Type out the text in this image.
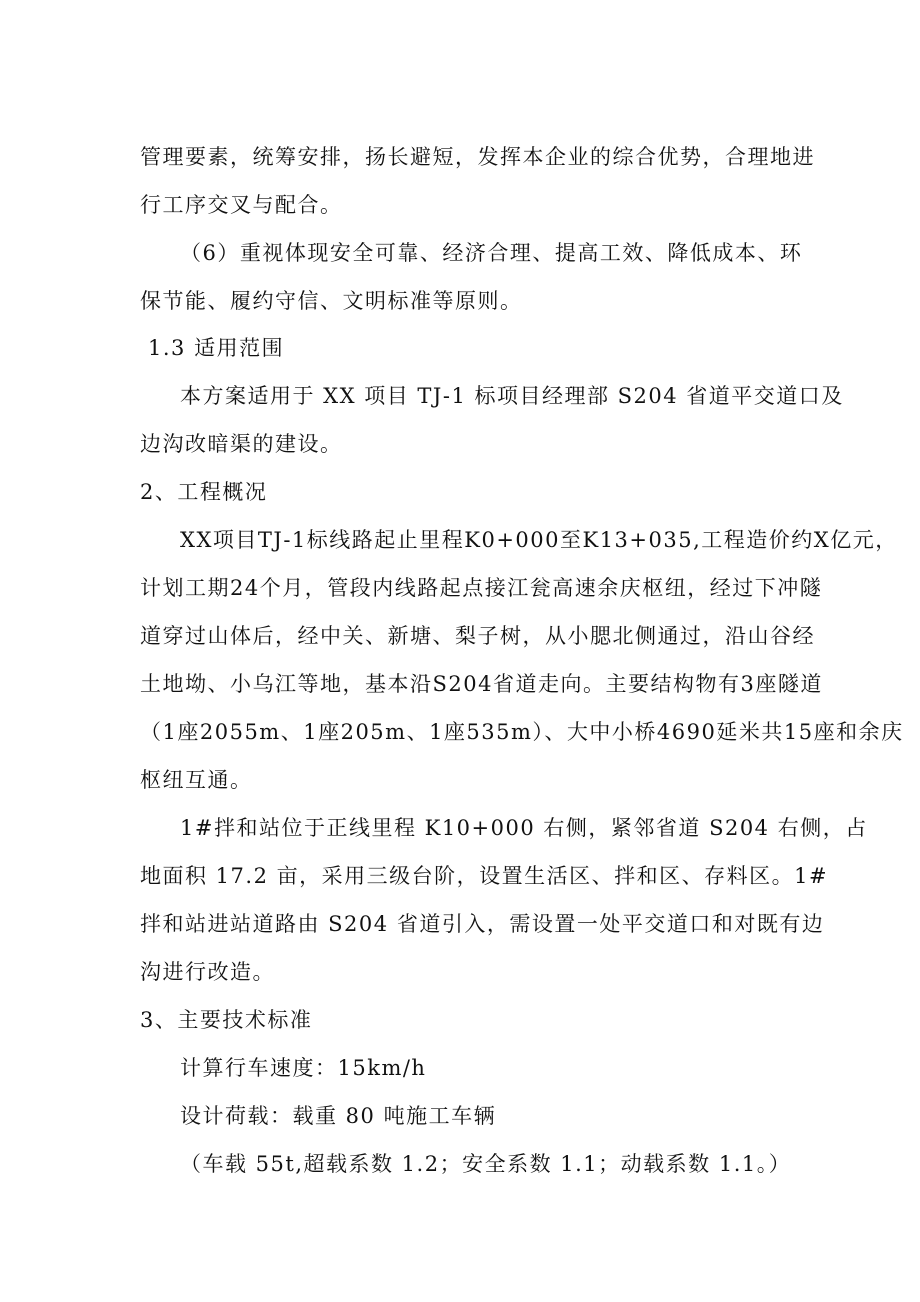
管理要素，统筹安排，扬长避短，发挥本企业的综合优势，合理地进

行工序交叉与配合。

（6）重视体现安全可靠、经济合理、提高工效、降低成本、环

保节能、履约守信、文明标准等原则。

1.3 适用范围

本方案适用于 XX 项目 TJ-1 标项目经理部 S204 省道平交道口及

边沟改暗渠的建设。

2、工程概况

XX项目TJ-1标线路起止里程K0+000至K13+035,工程造价约X亿元，

计划工期24个月，管段内线路起点接江瓮高速余庆枢纽，经过下冲隧

道穿过山体后，经中关、新塘、梨子树，从小腮北侧通过，沿山谷经

土地坳、小乌江等地，基本沿S204省道走向。主要结构物有3座隧道

（1座2055m、1座205m、1座535m）、大中小桥4690延米共15座和余庆

枢纽互通。

1#拌和站位于正线里程 K10+000 右侧，紧邻省道 S204 右侧，占

地面积 17.2 亩，采用三级台阶，设置生活区、拌和区、存料区。1#

拌和站进站道路由 S204 省道引入，需设置一处平交道口和对既有边

沟进行改造。

3、主要技术标准

计算行车速度：15km/h

设计荷载：载重 80 吨施工车辆

（车载 55t,超载系数 1.2；安全系数 1.1；动载系数 1.1。）
